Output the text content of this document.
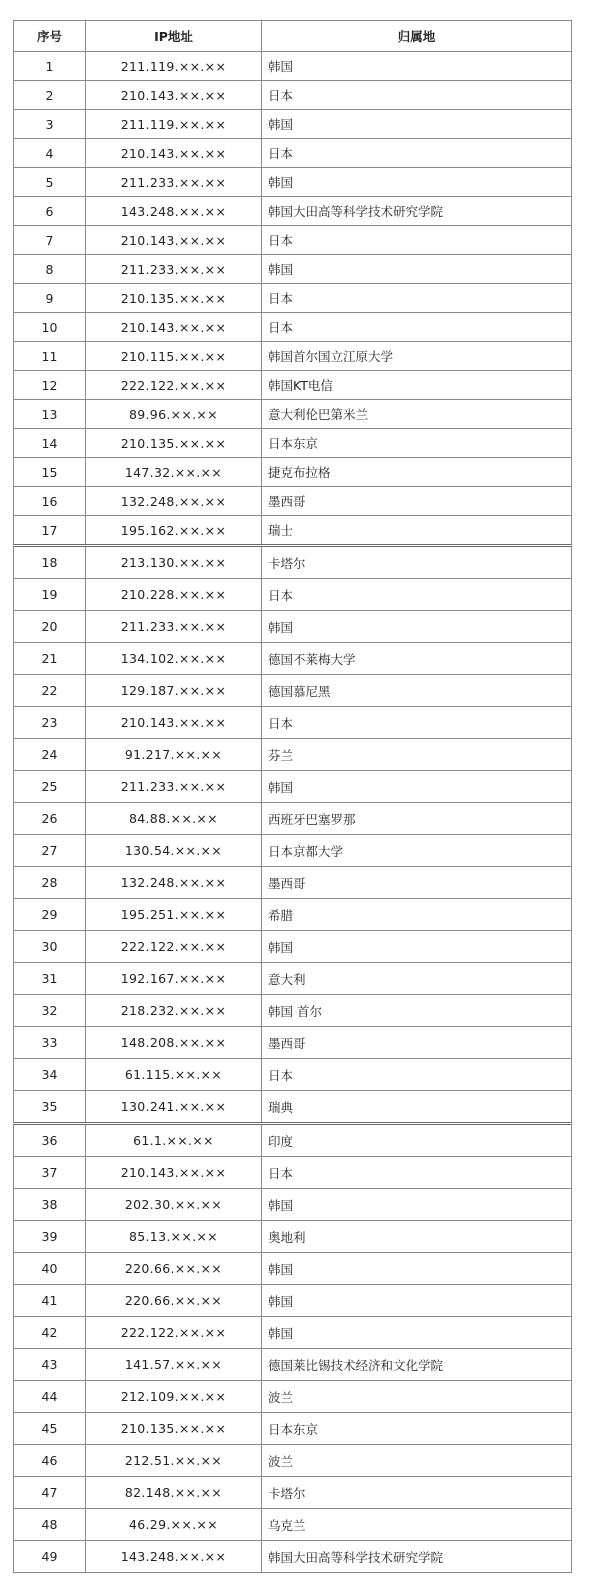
序号	IP地址	归属地
1	211.119.××.××	韩国
2	210.143.××.××	日本
3	211.119.××.××	韩国
4	210.143.××.××	日本
5	211.233.××.××	韩国
6	143.248.××.××	韩国大田高等科学技术研究学院
7	210.143.××.××	日本
8	211.233.××.××	韩国
9	210.135.××.××	日本
10	210.143.××.××	日本
11	210.115.××.××	韩国首尔国立江原大学
12	222.122.××.××	韩国KT电信
13	89.96.××.××	意大利伦巴第米兰
14	210.135.××.××	日本东京
15	147.32.××.××	捷克布拉格
16	132.248.××.××	墨西哥
17	195.162.××.××	瑞士
18	213.130.××.××	卡塔尔
19	210.228.××.××	日本
20	211.233.××.××	韩国
21	134.102.××.××	德国不莱梅大学
22	129.187.××.××	德国慕尼黑
23	210.143.××.××	日本
24	91.217.××.××	芬兰
25	211.233.××.××	韩国
26	84.88.××.××	西班牙巴塞罗那
27	130.54.××.××	日本京都大学
28	132.248.××.××	墨西哥
29	195.251.××.××	希腊
30	222.122.××.××	韩国
31	192.167.××.××	意大利
32	218.232.××.××	韩国 首尔
33	148.208.××.××	墨西哥
34	61.115.××.××	日本
35	130.241.××.××	瑞典
36	61.1.××.××	印度
37	210.143.××.××	日本
38	202.30.××.××	韩国
39	85.13.××.××	奥地利
40	220.66.××.××	韩国
41	220.66.××.××	韩国
42	222.122.××.××	韩国
43	141.57.××.××	德国莱比锡技术经济和文化学院
44	212.109.××.××	波兰
45	210.135.××.××	日本东京
46	212.51.××.××	波兰
47	82.148.××.××	卡塔尔
48	46.29.××.××	乌克兰
49	143.248.××.××	韩国大田高等科学技术研究学院
